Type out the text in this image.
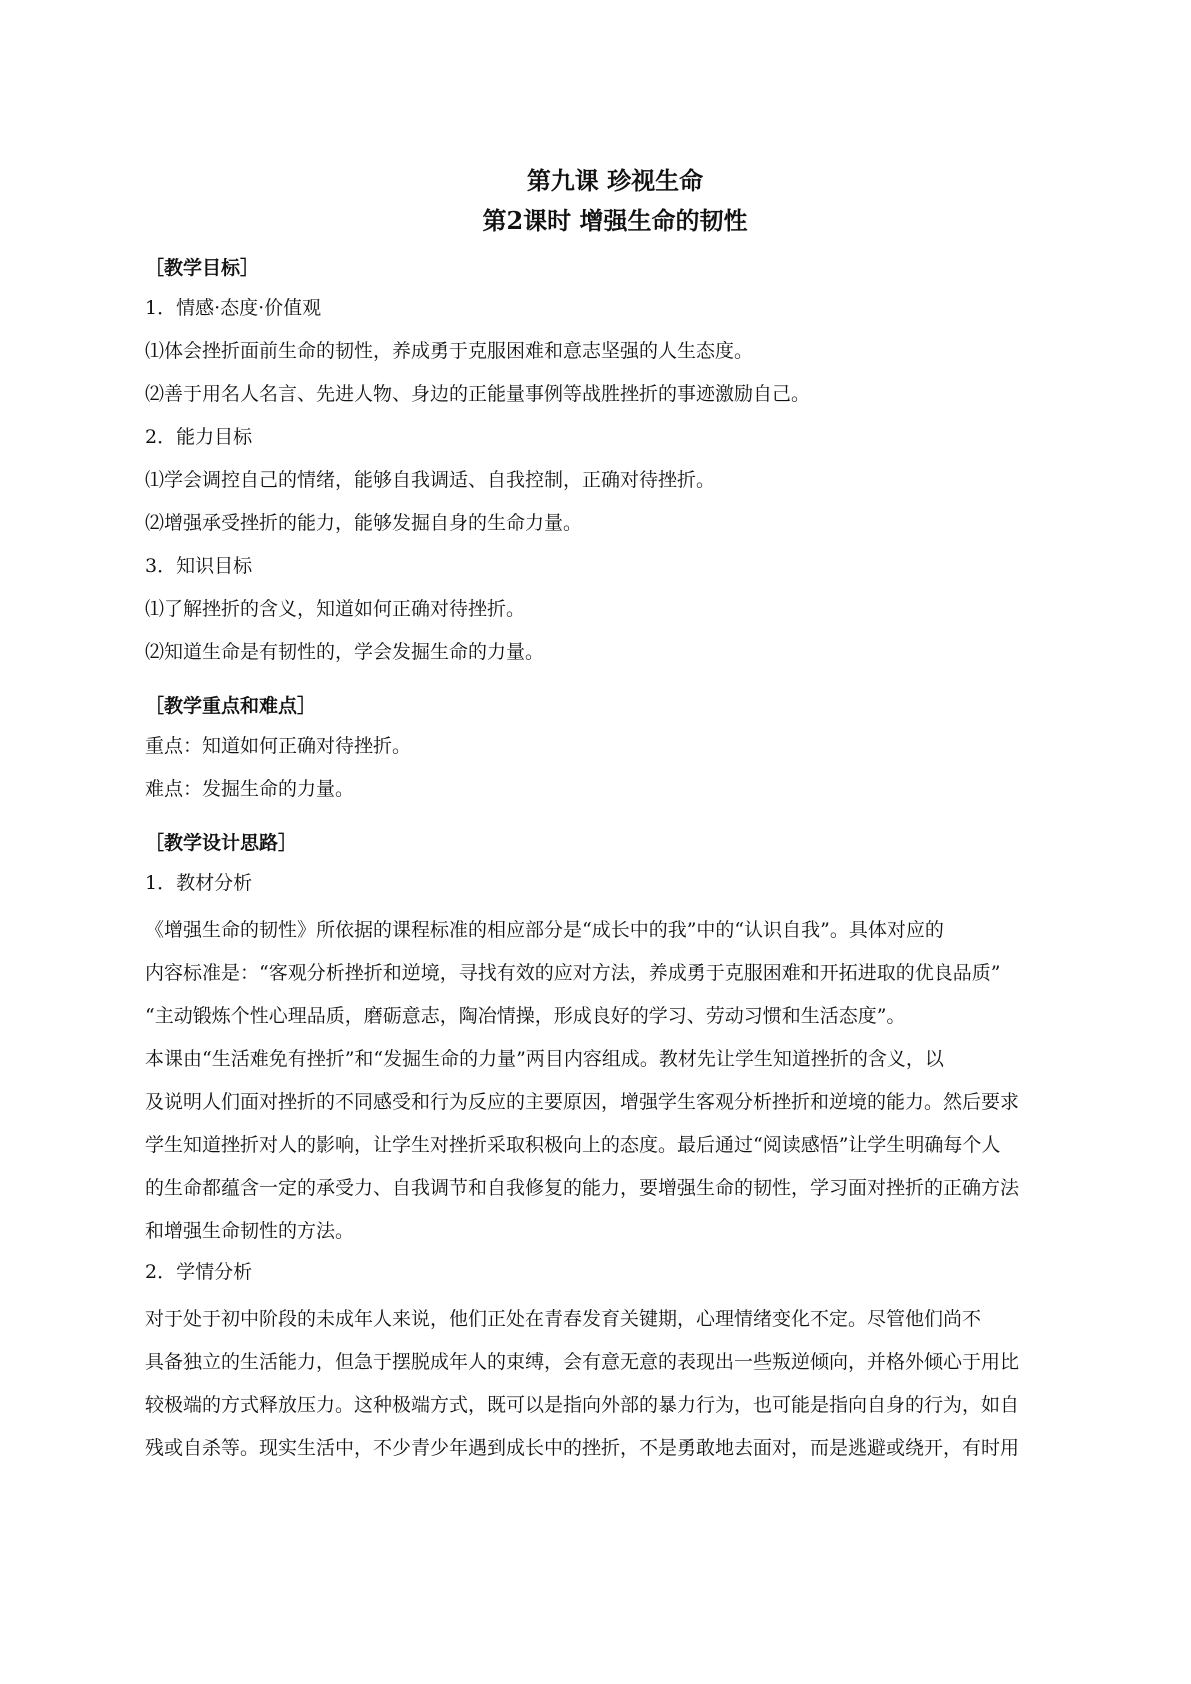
第九课 珍视生命
第2课时 增强生命的韧性

［教学目标］

1．情感·态度·价值观

⑴体会挫折面前生命的韧性，养成勇于克服困难和意志坚强的人生态度。

⑵善于用名人名言、先进人物、身边的正能量事例等战胜挫折的事迹激励自己。

2．能力目标

⑴学会调控自己的情绪，能够自我调适、自我控制，正确对待挫折。

⑵增强承受挫折的能力，能够发掘自身的生命力量。

3．知识目标

⑴了解挫折的含义，知道如何正确对待挫折。

⑵知道生命是有韧性的，学会发掘生命的力量。

［教学重点和难点］

重点：知道如何正确对待挫折。

难点：发掘生命的力量。

［教学设计思路］

1．教材分析

《增强生命的韧性》所依据的课程标准的相应部分是“成长中的我”中的“认识自我”。具体对应的

内容标准是：“客观分析挫折和逆境，寻找有效的应对方法，养成勇于克服困难和开拓进取的优良品质”

“主动锻炼个性心理品质，磨砺意志，陶冶情操，形成良好的学习、劳动习惯和生活态度”。

本课由“生活难免有挫折”和“发掘生命的力量”两目内容组成。教材先让学生知道挫折的含义，以

及说明人们面对挫折的不同感受和行为反应的主要原因，增强学生客观分析挫折和逆境的能力。然后要求

学生知道挫折对人的影响，让学生对挫折采取积极向上的态度。最后通过“阅读感悟”让学生明确每个人

的生命都蕴含一定的承受力、自我调节和自我修复的能力，要增强生命的韧性，学习面对挫折的正确方法

和增强生命韧性的方法。

2．学情分析

对于处于初中阶段的未成年人来说，他们正处在青春发育关键期，心理情绪变化不定。尽管他们尚不

具备独立的生活能力，但急于摆脱成年人的束缚，会有意无意的表现出一些叛逆倾向，并格外倾心于用比

较极端的方式释放压力。这种极端方式，既可以是指向外部的暴力行为，也可能是指向自身的行为，如自

残或自杀等。现实生活中，不少青少年遇到成长中的挫折，不是勇敢地去面对，而是逃避或绕开，有时用
